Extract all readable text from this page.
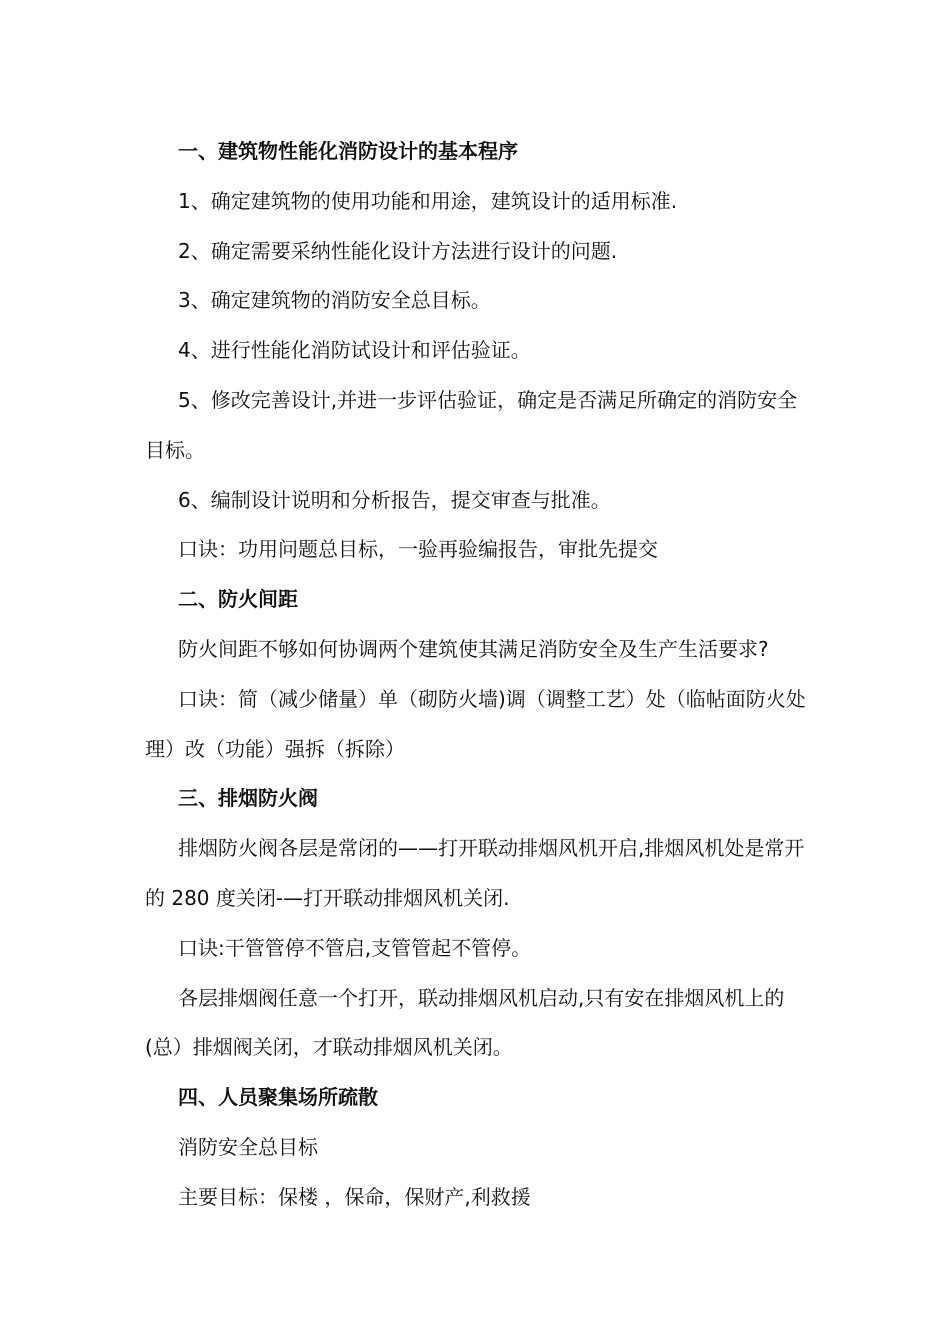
一、建筑物性能化消防设计的基本程序

1、确定建筑物的使用功能和用途，建筑设计的适用标准.

2、确定需要采纳性能化设计方法进行设计的问题.

3、确定建筑物的消防安全总目标。

4、进行性能化消防试设计和评估验证。

5、修改完善设计,并进一步评估验证，确定是否满足所确定的消防安全目标。

6、编制设计说明和分析报告，提交审查与批准。

口诀：功用问题总目标，一验再验编报告，审批先提交

二、防火间距

防火间距不够如何协调两个建筑使其满足消防安全及生产生活要求?

口诀：简（减少储量）单（砌防火墙)调（调整工艺）处（临帖面防火处理）改（功能）强拆（拆除）

三、排烟防火阀

排烟防火阀各层是常闭的——打开联动排烟风机开启,排烟风机处是常开的 280 度关闭-—打开联动排烟风机关闭.

口诀:干管管停不管启,支管管起不管停。

各层排烟阀任意一个打开，联动排烟风机启动,只有安在排烟风机上的(总）排烟阀关闭，才联动排烟风机关闭。

四、人员聚集场所疏散

消防安全总目标

主要目标：保楼 ，保命，保财产,利救援
